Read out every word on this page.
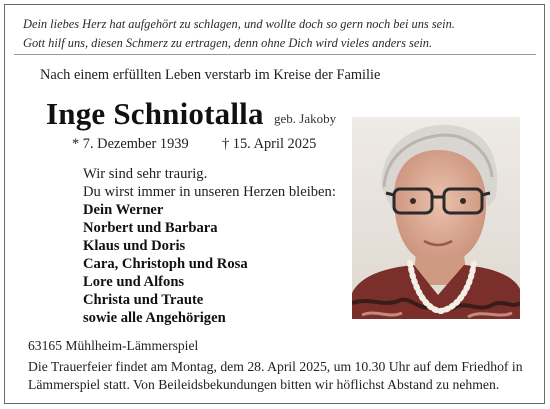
Dein liebes Herz hat aufgehört zu schlagen, und wollte doch so gern noch bei uns sein.
Gott hilf uns, diesen Schmerz zu ertragen, denn ohne Dich wird vieles anders sein.
Nach einem erfüllten Leben verstarb im Kreise der Familie
Inge Schniotalla geb. Jakoby
* 7. Dezember 1939 † 15. April 2025
Wir sind sehr traurig.
Du wirst immer in unseren Herzen bleiben:
Dein Werner
Norbert und Barbara
Klaus und Doris
Cara, Christoph und Rosa
Lore und Alfons
Christa und Traute
sowie alle Angehörigen
63165 Mühlheim-Lämmerspiel
Die Trauerfeier findet am Montag, dem 28. April 2025, um 10.30 Uhr auf dem Friedhof in
Lämmerspiel statt. Von Beileidsbekundungen bitten wir höflichst Abstand zu nehmen.
